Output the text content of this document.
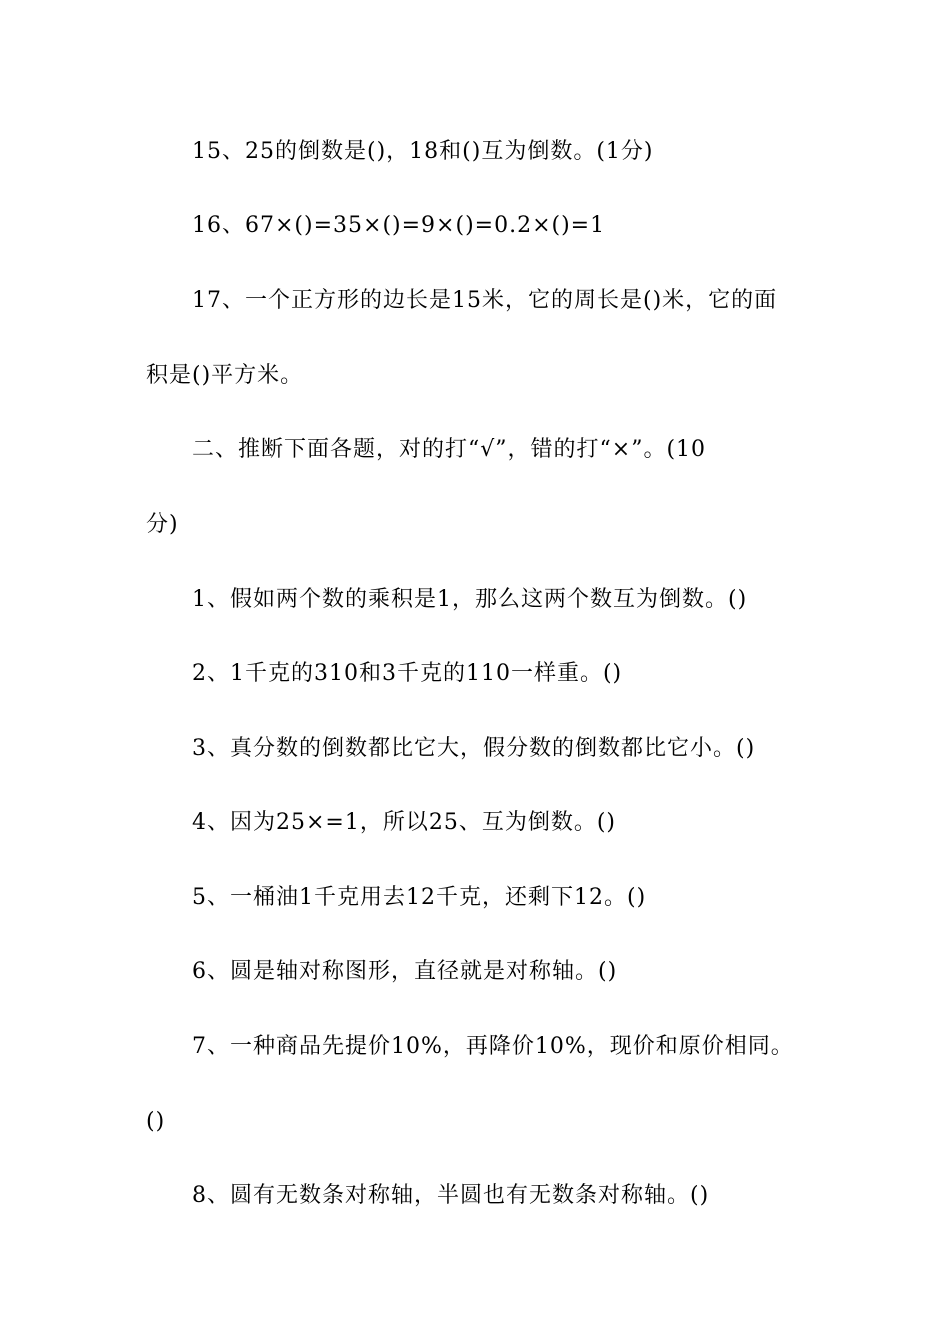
15、25的倒数是()，18和()互为倒数。(1分)
16、67×()=35×()=9×()=0.2×()=1
17、一个正方形的边长是15米，它的周长是()米，它的面
积是()平方米。
二、推断下面各题，对的打“√”，错的打“×”。(10
分)
1、假如两个数的乘积是1，那么这两个数互为倒数。()
2、1千克的310和3千克的110一样重。()
3、真分数的倒数都比它大，假分数的倒数都比它小。()
4、因为25×=1，所以25、互为倒数。()
5、一桶油1千克用去12千克，还剩下12。()
6、圆是轴对称图形，直径就是对称轴。()
7、一种商品先提价10%，再降价10%，现价和原价相同。
()
8、圆有无数条对称轴，半圆也有无数条对称轴。()
